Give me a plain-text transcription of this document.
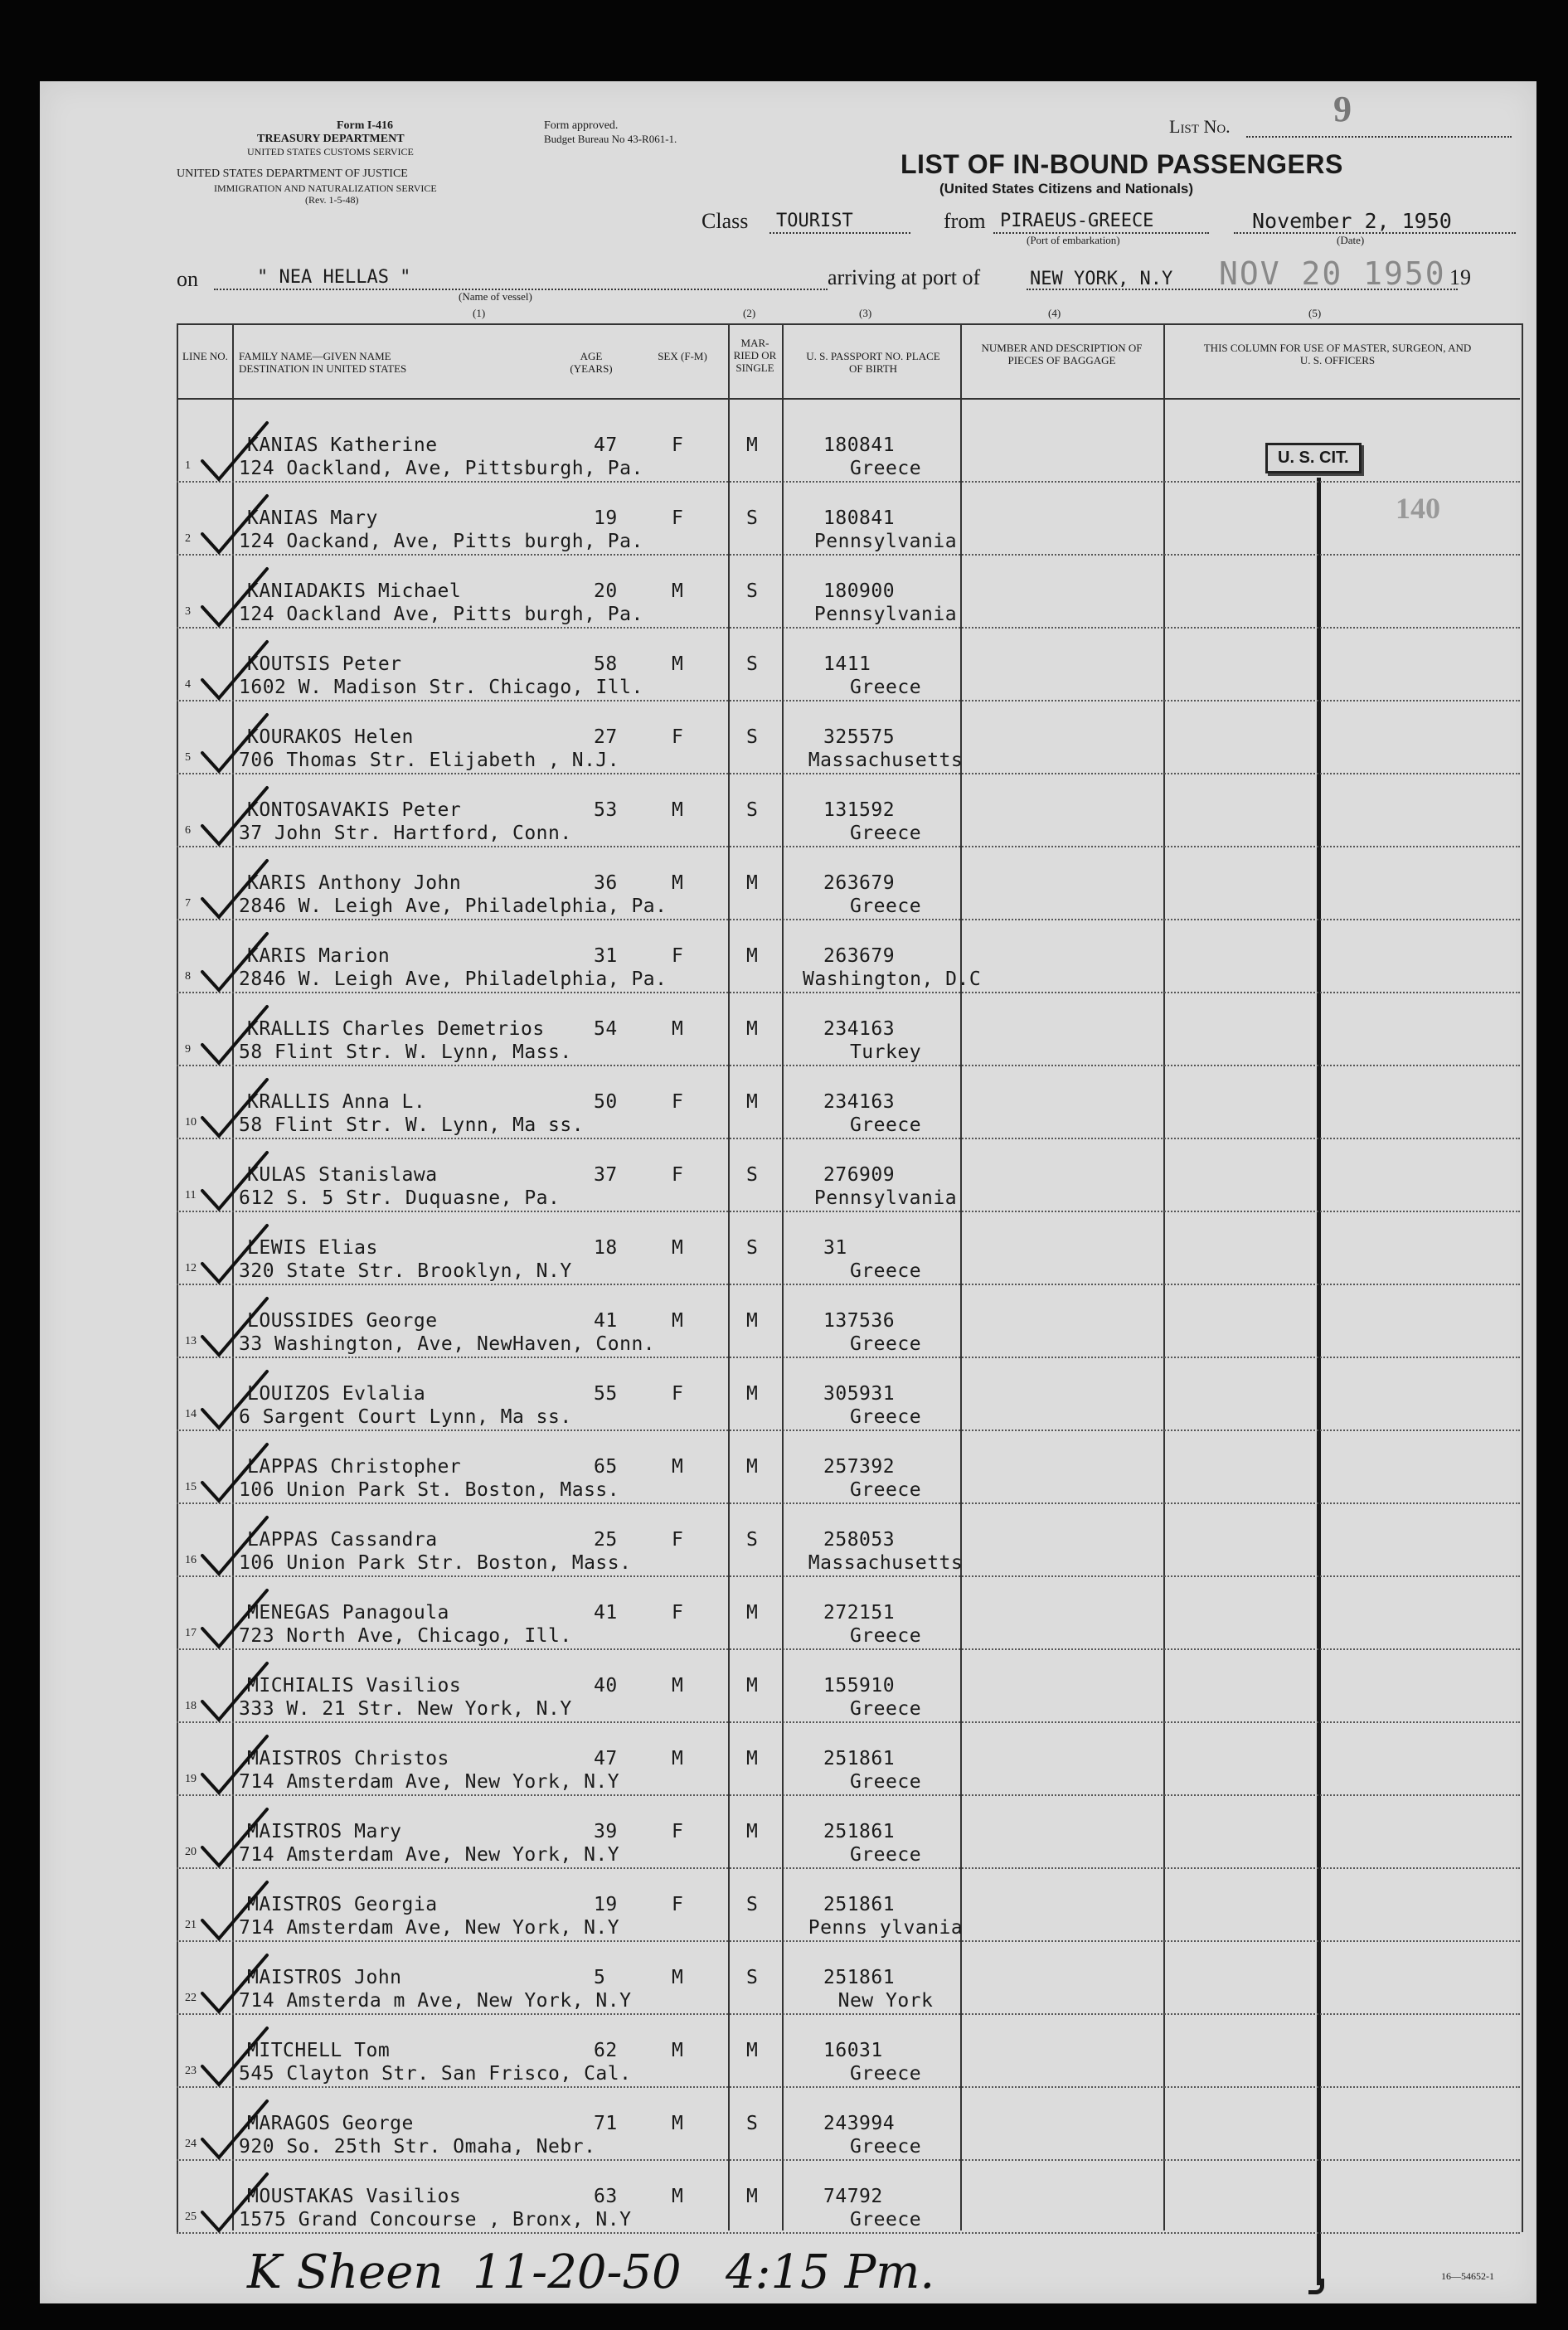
Form I-416
TREASURY DEPARTMENT
UNITED STATES CUSTOMS SERVICE
UNITED STATES DEPARTMENT OF JUSTICE
IMMIGRATION AND NATURALIZATION SERVICE
(Rev. 1-5-48)
Form approved.
Budget Bureau No 43-R061-1.
List No.	9
LIST OF IN-BOUND PASSENGERS
(United States Citizens and Nationals)
Class TOURIST	from PIRAEUS-GREECE
(Port of embarkation)
November 2, 1950
(Date)
on	" NEA HELLAS "
(Name of vessel)
arriving at port of	NEW YORK, N.Y NOV 20 1950 19
(1)	(2)	(3)	(4)	(5)
LINE NO. FAMILY NAME—GIVEN NAME DESTINATION IN UNITED STATES
AGE (YEARS)
SEX (F-M)
MAR-RIED OR SINGLE
U. S. PASSPORT NO. PLACE OF BIRTH
NUMBER AND DESCRIPTION OF PIECES OF BAGGAGE
THIS COLUMN FOR USE OF MASTER, SURGEON, AND U. S. OFFICERS
U. S. CIT.
140
1
KANIAS Katherine
124 Oackland, Ave, Pittsburgh, Pa.
47	F	M	180841
Greece
2
KANIAS Mary
124 Oackand, Ave, Pitts burgh, Pa.
19	F	S	180841
Pennsylvania
3
KANIADAKIS Michael
124 Oackland Ave, Pitts burgh, Pa.
20	M	S	180900
Pennsylvania
4
KOUTSIS Peter
1602 W. Madison Str. Chicago, Ill.
58	M	S	1411
Greece
5
KOURAKOS Helen
706 Thomas Str. Elijabeth , N.J.
27	F	S	325575
Massachusetts
6
KONTOSAVAKIS Peter
37 John Str. Hartford, Conn.
53	M	S	131592
Greece
7
KARIS Anthony John
2846 W. Leigh Ave, Philadelphia, Pa.
36	M	M	263679
Greece
8
KARIS Marion
2846 W. Leigh Ave, Philadelphia, Pa.
31	F	M	263679
Washington, D.C
9
KRALLIS Charles Demetrios
58 Flint Str. W. Lynn, Mass.
54	M	M	234163
Turkey
10
KRALLIS Anna L.
58 Flint Str. W. Lynn, Ma ss.
50	F	M	234163
Greece
11
KULAS Stanislawa
612 S. 5 Str. Duquasne, Pa.
37	F	S	276909
Pennsylvania
12
LEWIS Elias
320 State Str. Brooklyn, N.Y
18	M	S	31
Greece
13
LOUSSIDES George
33 Washington, Ave, NewHaven, Conn.
41	M	M	137536
Greece
14
LOUIZOS Evlalia
6 Sargent Court Lynn, Ma ss.
55	F	M	305931
Greece
15
LAPPAS Christopher
106 Union Park St. Boston, Mass.
65	M	M	257392
Greece
16
LAPPAS Cassandra
106 Union Park Str. Boston, Mass.
25	F	S	258053
Massachusetts
17
MENEGAS Panagoula
723 North Ave, Chicago, Ill.
41	F	M	272151
Greece
18
MICHIALIS Vasilios
333 W. 21 Str. New York, N.Y
40	M	M	155910
Greece
19
MAISTROS Christos
714 Amsterdam Ave, New York, N.Y
47	M	M	251861
Greece
20
MAISTROS Mary
714 Amsterdam Ave, New York, N.Y
39	F	M	251861
Greece
21
MAISTROS Georgia
714 Amsterdam Ave, New York, N.Y
19	F	S	251861
Penns ylvania
22
MAISTROS John
714 Amsterda m Ave, New York, N.Y
5	M	S	251861
New York
23
MITCHELL Tom
545 Clayton Str. San Frisco, Cal.
62	M	M	16031
Greece
24
MARAGOS George
920 So. 25th Str. Omaha, Nebr.
71	M	S	243994
Greece
25
MOUSTAKAS Vasilios
1575 Grand Concourse , Bronx, N.Y
63	M	M	74792
Greece
K Sheen  11-20-50   4:15 Pm.	16—54652-1
